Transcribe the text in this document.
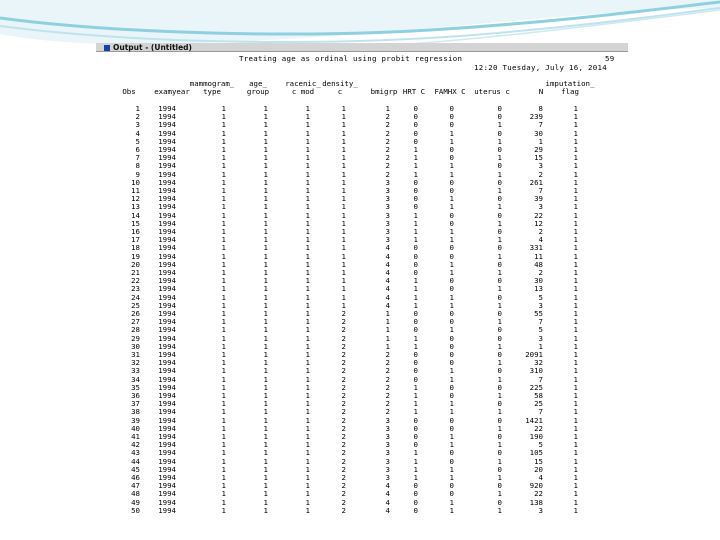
Output - (Untitled)
Treating age as ordinal using probit regression	59
12:20 Tuesday, July 16, 2014
mammogram_	age_	racenic_ density_	imputation_
Obs	examyear	type	group	c mod	c	bmigrp HRT C	FAMHX C	uterus c	N	flag
1	1994	1	1	1	1	1	0	0	0	8	1
2	1994	1	1	1	1	2	0	0	0	239	1
3	1994	1	1	1	1	2	0	0	1	7	1
4	1994	1	1	1	1	2	0	1	0	30	1
5	1994	1	1	1	1	2	0	1	1	1	1
6	1994	1	1	1	1	2	1	0	0	29	1
7	1994	1	1	1	1	2	1	0	1	15	1
8	1994	1	1	1	1	2	1	1	0	3	1
9	1994	1	1	1	1	2	1	1	1	2	1
10	1994	1	1	1	1	3	0	0	0	261	1
11	1994	1	1	1	1	3	0	0	1	7	1
12	1994	1	1	1	1	3	0	1	0	39	1
13	1994	1	1	1	1	3	0	1	1	3	1
14	1994	1	1	1	1	3	1	0	0	22	1
15	1994	1	1	1	1	3	1	0	1	12	1
16	1994	1	1	1	1	3	1	1	0	2	1
17	1994	1	1	1	1	3	1	1	1	4	1
18	1994	1	1	1	1	4	0	0	0	331	1
19	1994	1	1	1	1	4	0	0	1	11	1
20	1994	1	1	1	1	4	0	1	0	48	1
21	1994	1	1	1	1	4	0	1	1	2	1
22	1994	1	1	1	1	4	1	0	0	30	1
23	1994	1	1	1	1	4	1	0	1	13	1
24	1994	1	1	1	1	4	1	1	0	5	1
25	1994	1	1	1	1	4	1	1	1	3	1
26	1994	1	1	1	2	1	0	0	0	55	1
27	1994	1	1	1	2	1	0	0	1	7	1
28	1994	1	1	1	2	1	0	1	0	5	1
29	1994	1	1	1	2	1	1	0	0	3	1
30	1994	1	1	1	2	1	1	0	1	1	1
31	1994	1	1	1	2	2	0	0	0	2091	1
32	1994	1	1	1	2	2	0	0	1	32	1
33	1994	1	1	1	2	2	0	1	0	310	1
34	1994	1	1	1	2	2	0	1	1	7	1
35	1994	1	1	1	2	2	1	0	0	225	1
36	1994	1	1	1	2	2	1	0	1	58	1
37	1994	1	1	1	2	2	1	1	0	25	1
38	1994	1	1	1	2	2	1	1	1	7	1
39	1994	1	1	1	2	3	0	0	0	1421	1
40	1994	1	1	1	2	3	0	0	1	22	1
41	1994	1	1	1	2	3	0	1	0	190	1
42	1994	1	1	1	2	3	0	1	1	5	1
43	1994	1	1	1	2	3	1	0	0	105	1
44	1994	1	1	1	2	3	1	0	1	15	1
45	1994	1	1	1	2	3	1	1	0	20	1
46	1994	1	1	1	2	3	1	1	1	4	1
47	1994	1	1	1	2	4	0	0	0	920	1
48	1994	1	1	1	2	4	0	0	1	22	1
49	1994	1	1	1	2	4	0	1	0	138	1
50	1994	1	1	1	2	4	0	1	1	3	1
